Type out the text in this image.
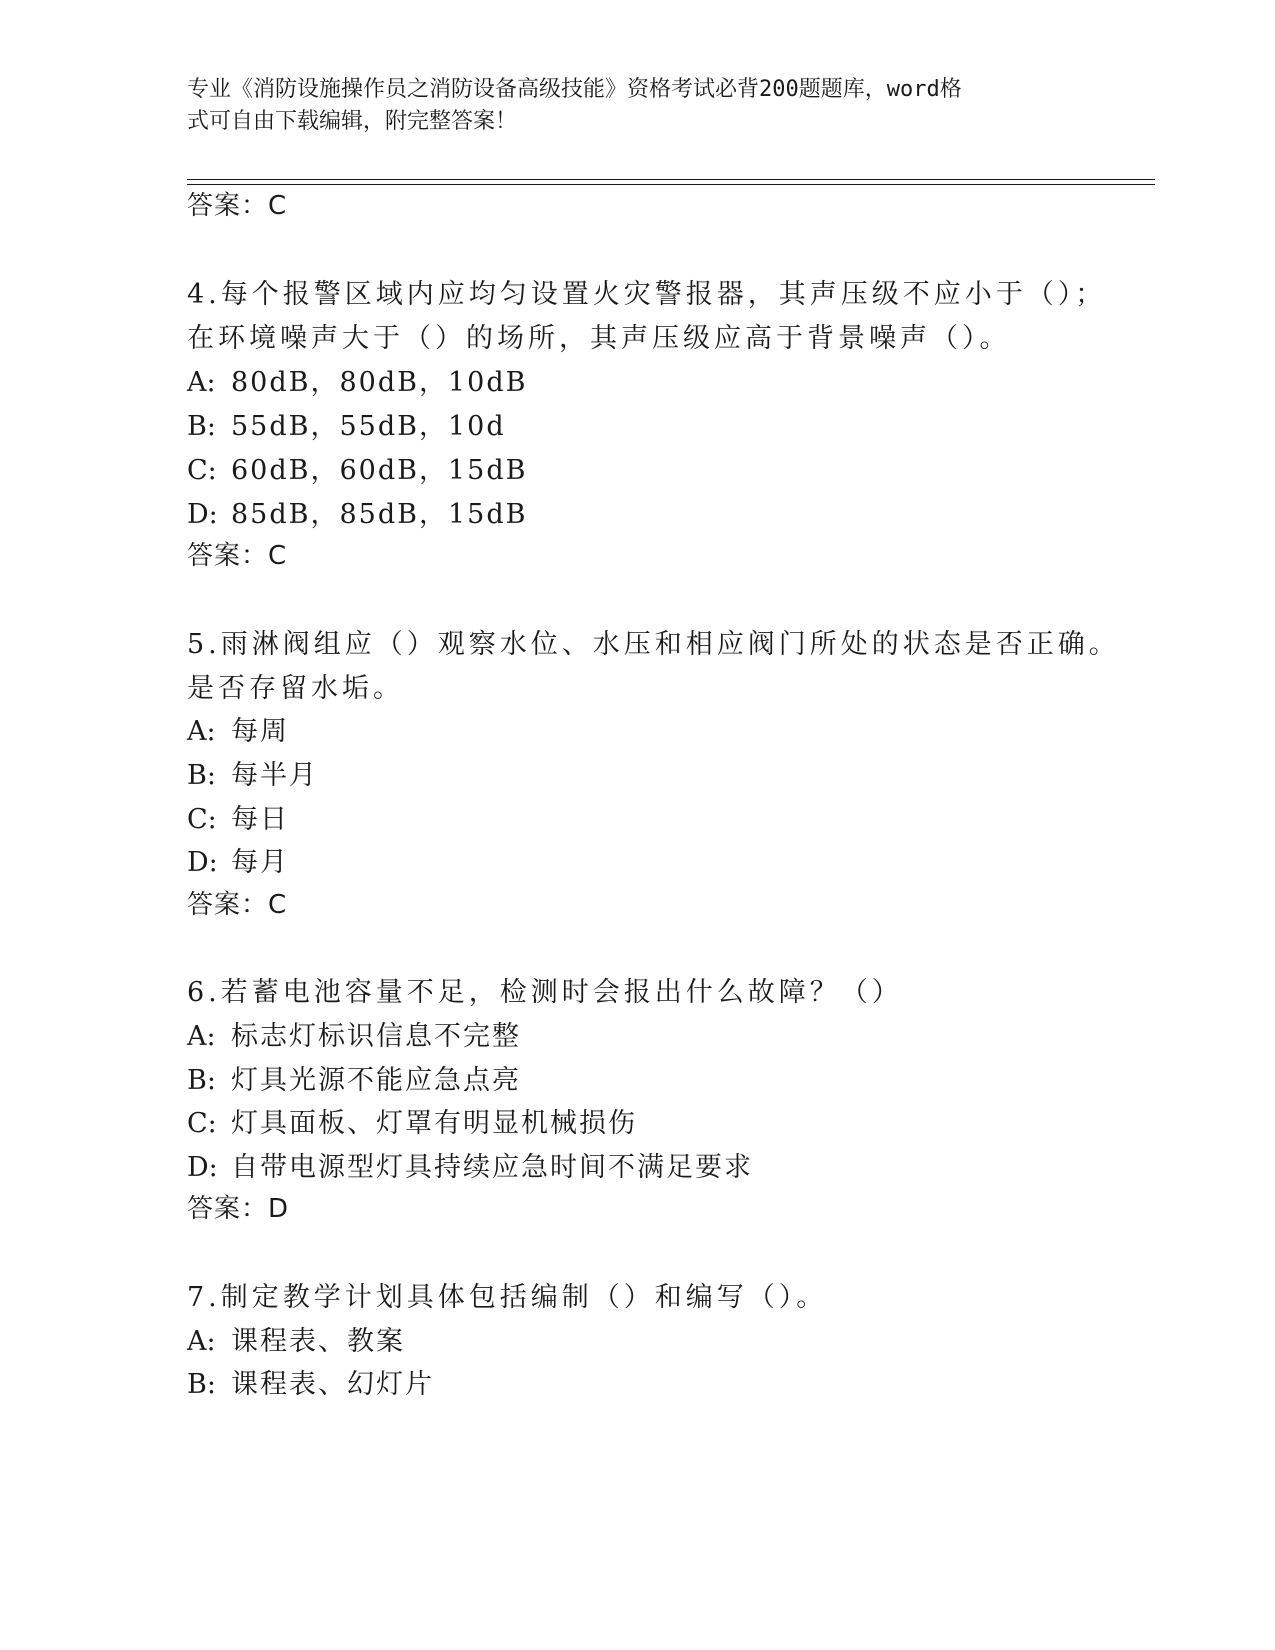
专业《消防设施操作员之消防设备高级技能》资格考试必背200题题库，word格
式可自由下载编辑，附完整答案！
答案：C
4.每个报警区域内应均匀设置火灾警报器，其声压级不应小于（）；
在环境噪声大于（）的场所，其声压级应高于背景噪声（）。
A: 80dB，80dB，10dB
B: 55dB，55dB，10d
C: 60dB，60dB，15dB
D: 85dB，85dB，15dB
答案：C
5.雨淋阀组应（）观察水位、水压和相应阀门所处的状态是否正确。
是否存留水垢。
A: 每周
B: 每半月
C: 每日
D: 每月
答案：C
6.若蓄电池容量不足，检测时会报出什么故障？（）
A: 标志灯标识信息不完整
B: 灯具光源不能应急点亮
C: 灯具面板、灯罩有明显机械损伤
D: 自带电源型灯具持续应急时间不满足要求
答案：D
7.制定教学计划具体包括编制（）和编写（）。
A: 课程表、教案
B: 课程表、幻灯片
